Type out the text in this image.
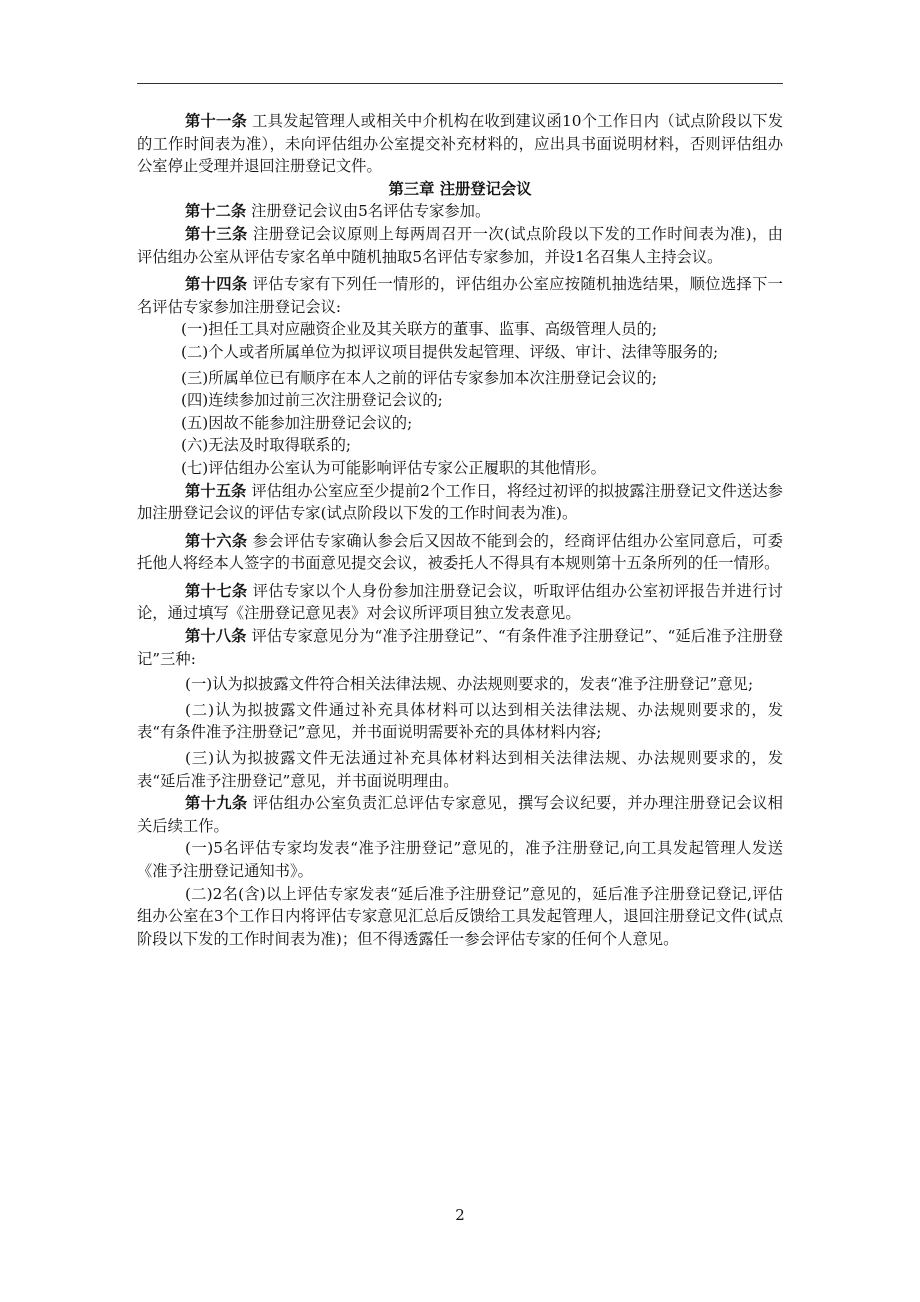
第十一条 工具发起管理人或相关中介机构在收到建议函10个工作日内（试点阶段以下发的工作时间表为准），未向评估组办公室提交补充材料的，应出具书面说明材料，否则评估组办公室停止受理并退回注册登记文件。

第三章 注册登记会议

第十二条 注册登记会议由5名评估专家参加。

第十三条 注册登记会议原则上每两周召开一次(试点阶段以下发的工作时间表为准)，由评估组办公室从评估专家名单中随机抽取5名评估专家参加，并设1名召集人主持会议。

第十四条 评估专家有下列任一情形的，评估组办公室应按随机抽选结果，顺位选择下一名评估专家参加注册登记会议:

(一)担任工具对应融资企业及其关联方的董事、监事、高级管理人员的;

(二)个人或者所属单位为拟评议项目提供发起管理、评级、审计、法律等服务的;

(三)所属单位已有顺序在本人之前的评估专家参加本次注册登记会议的;

(四)连续参加过前三次注册登记会议的;

(五)因故不能参加注册登记会议的;

(六)无法及时取得联系的;

(七)评估组办公室认为可能影响评估专家公正履职的其他情形。

第十五条 评估组办公室应至少提前2个工作日，将经过初评的拟披露注册登记文件送达参加注册登记会议的评估专家(试点阶段以下发的工作时间表为准)。

第十六条 参会评估专家确认参会后又因故不能到会的，经商评估组办公室同意后，可委托他人将经本人签字的书面意见提交会议，被委托人不得具有本规则第十五条所列的任一情形。

第十七条 评估专家以个人身份参加注册登记会议，听取评估组办公室初评报告并进行讨论，通过填写《注册登记意见表》对会议所评项目独立发表意见。

第十八条 评估专家意见分为“准予注册登记”、“有条件准予注册登记”、“延后准予注册登记”三种:

(一)认为拟披露文件符合相关法律法规、办法规则要求的，发表“准予注册登记”意见;

(二)认为拟披露文件通过补充具体材料可以达到相关法律法规、办法规则要求的，发表“有条件准予注册登记”意见，并书面说明需要补充的具体材料内容;

(三)认为拟披露文件无法通过补充具体材料达到相关法律法规、办法规则要求的，发表“延后准予注册登记”意见，并书面说明理由。

第十九条 评估组办公室负责汇总评估专家意见，撰写会议纪要，并办理注册登记会议相关后续工作。

(一)5名评估专家均发表“准予注册登记”意见的，准予注册登记,向工具发起管理人发送《准予注册登记通知书》。

(二)2名(含)以上评估专家发表“延后准予注册登记”意见的，延后准予注册登记登记,评估组办公室在3个工作日内将评估专家意见汇总后反馈给工具发起管理人，退回注册登记文件(试点阶段以下发的工作时间表为准)；但不得透露任一参会评估专家的任何个人意见。

2
